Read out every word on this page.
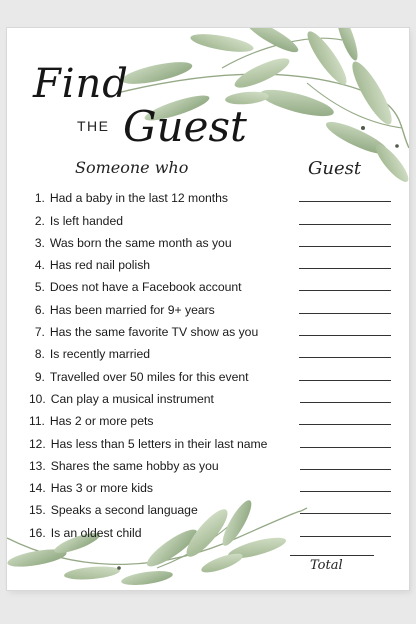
Find
THE Guest
Someone who	Guest
1. Had a baby in the last 12 months
2. Is left handed
3. Was born the same month as you
4. Has red nail polish
5. Does not have a Facebook account
6. Has been married for 9+ years
7. Has the same favorite TV show as you
8. Is recently married
9. Travelled over 50 miles for this event
10. Can play a musical instrument
11. Has 2 or more pets
12. Has less than 5 letters in their last name
13. Shares the same hobby as you
14. Has 3 or more kids
15. Speaks a second language
16. Is an oldest child
Total
